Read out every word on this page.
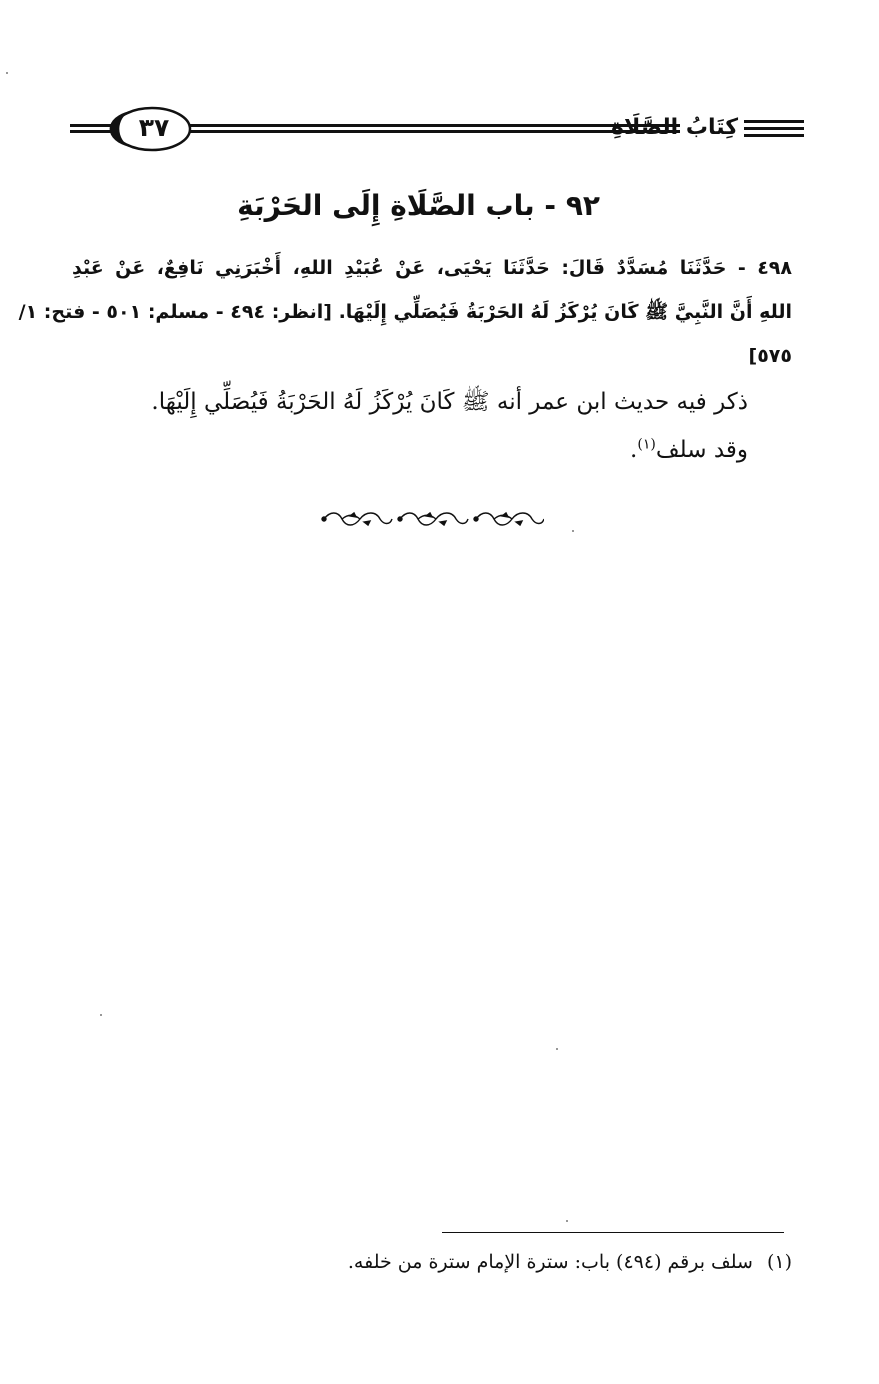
٣٧	كِتَابُ الصَّلَاةِ
٩٢ - باب الصَّلَاةِ إِلَى الحَرْبَةِ
٤٩٨ - حَدَّثَنَا مُسَدَّدٌ قَالَ: حَدَّثَنَا يَحْيَى، عَنْ عُبَيْدِ اللهِ، أَخْبَرَنِي نَافِعٌ، عَنْ عَبْدِ
اللهِ أَنَّ النَّبِيَّ ﷺ كَانَ يُرْكَزُ لَهُ الحَرْبَةُ فَيُصَلِّي إِلَيْهَا. [انظر: ٤٩٤ - مسلم: ٥٠١ - فتح: ١/
٥٧٥]
ذكر فيه حديث ابن عمر أنه ﷺ كَانَ يُرْكَزُ لَهُ الحَرْبَةُ فَيُصَلِّي إِلَيْهَا.
وقد سلف$^{(١)}$.
(١)سلف برقم (٤٩٤) باب: سترة الإمام سترة من خلفه.
